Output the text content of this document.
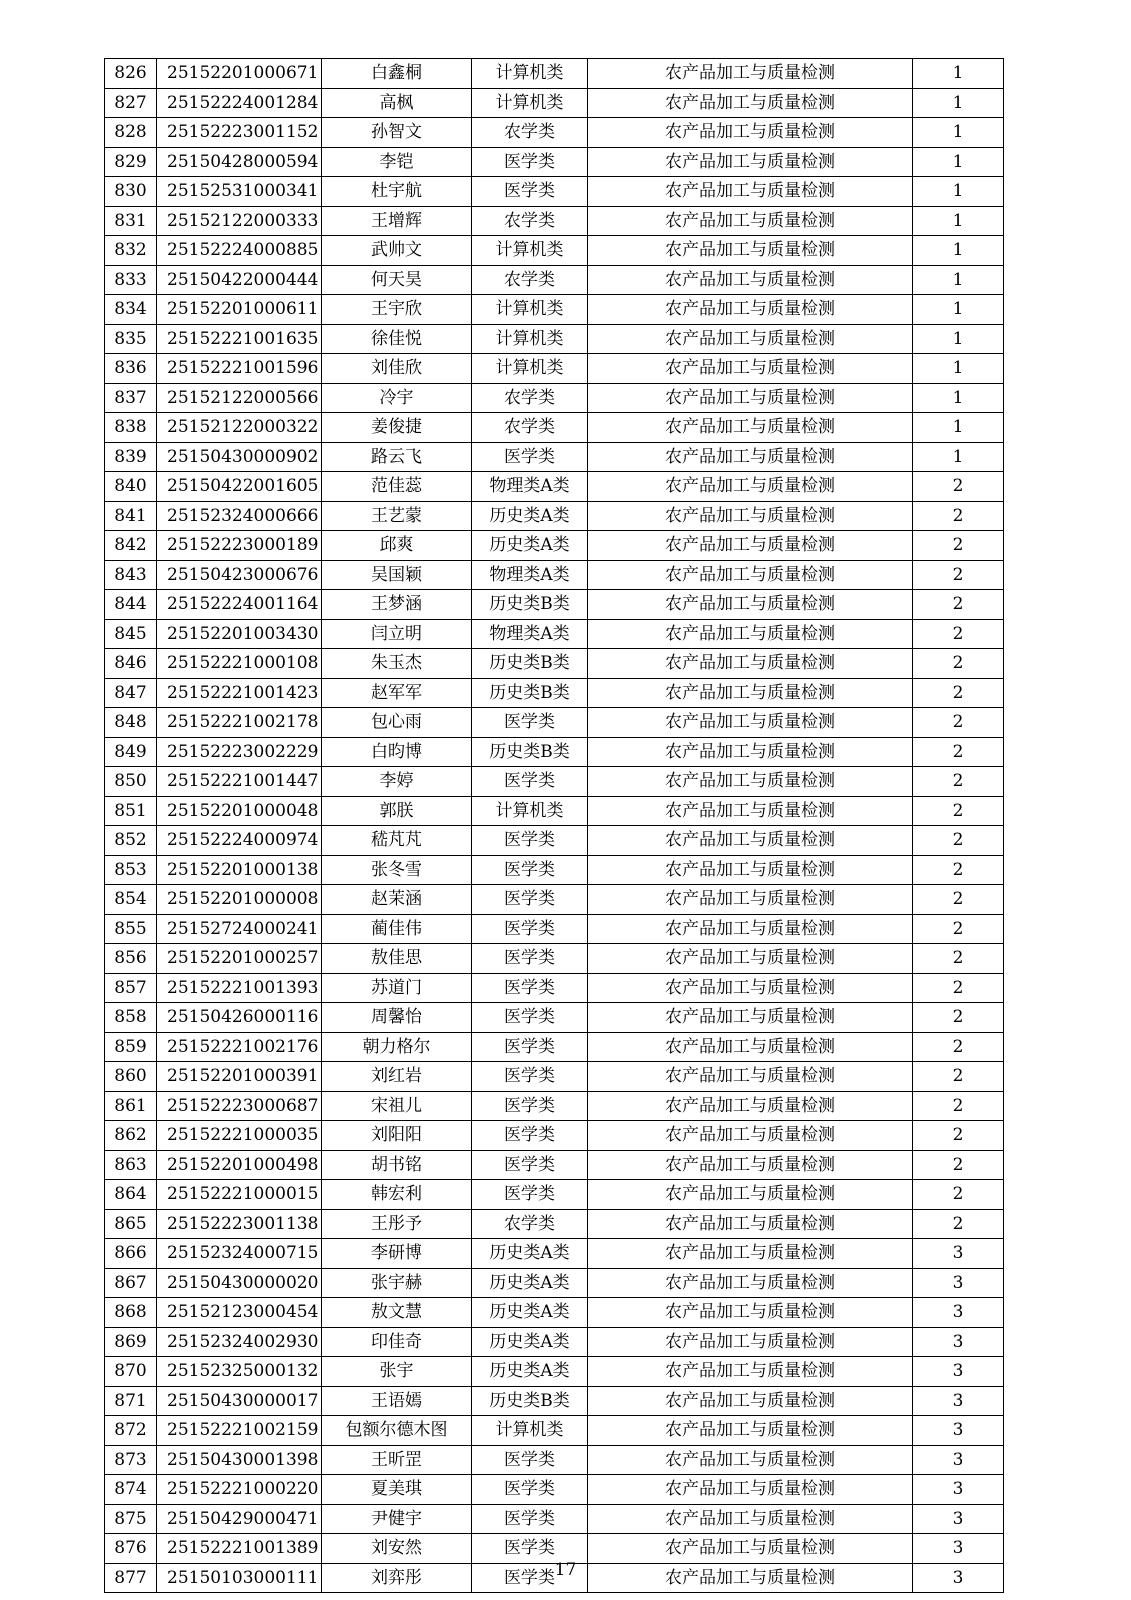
826	25152201000671	白鑫桐	计算机类	农产品加工与质量检测	1
827	25152224001284	高枫	计算机类	农产品加工与质量检测	1
828	25152223001152	孙智文	农学类	农产品加工与质量检测	1
829	25150428000594	李铠	医学类	农产品加工与质量检测	1
830	25152531000341	杜宇航	医学类	农产品加工与质量检测	1
831	25152122000333	王增辉	农学类	农产品加工与质量检测	1
832	25152224000885	武帅文	计算机类	农产品加工与质量检测	1
833	25150422000444	何天昊	农学类	农产品加工与质量检测	1
834	25152201000611	王宇欣	计算机类	农产品加工与质量检测	1
835	25152221001635	徐佳悦	计算机类	农产品加工与质量检测	1
836	25152221001596	刘佳欣	计算机类	农产品加工与质量检测	1
837	25152122000566	冷宇	农学类	农产品加工与质量检测	1
838	25152122000322	姜俊捷	农学类	农产品加工与质量检测	1
839	25150430000902	路云飞	医学类	农产品加工与质量检测	1
840	25150422001605	范佳蕊	物理类A类	农产品加工与质量检测	2
841	25152324000666	王艺蒙	历史类A类	农产品加工与质量检测	2
842	25152223000189	邱爽	历史类A类	农产品加工与质量检测	2
843	25150423000676	吴国颖	物理类A类	农产品加工与质量检测	2
844	25152224001164	王梦涵	历史类B类	农产品加工与质量检测	2
845	25152201003430	闫立明	物理类A类	农产品加工与质量检测	2
846	25152221000108	朱玉杰	历史类B类	农产品加工与质量检测	2
847	25152221001423	赵军军	历史类B类	农产品加工与质量检测	2
848	25152221002178	包心雨	医学类	农产品加工与质量检测	2
849	25152223002229	白昀博	历史类B类	农产品加工与质量检测	2
850	25152221001447	李婷	医学类	农产品加工与质量检测	2
851	25152201000048	郭朕	计算机类	农产品加工与质量检测	2
852	25152224000974	嵇芃芃	医学类	农产品加工与质量检测	2
853	25152201000138	张冬雪	医学类	农产品加工与质量检测	2
854	25152201000008	赵茉涵	医学类	农产品加工与质量检测	2
855	25152724000241	蔺佳伟	医学类	农产品加工与质量检测	2
856	25152201000257	敖佳思	医学类	农产品加工与质量检测	2
857	25152221001393	苏道门	医学类	农产品加工与质量检测	2
858	25150426000116	周馨怡	医学类	农产品加工与质量检测	2
859	25152221002176	朝力格尔	医学类	农产品加工与质量检测	2
860	25152201000391	刘红岩	医学类	农产品加工与质量检测	2
861	25152223000687	宋祖儿	医学类	农产品加工与质量检测	2
862	25152221000035	刘阳阳	医学类	农产品加工与质量检测	2
863	25152201000498	胡书铭	医学类	农产品加工与质量检测	2
864	25152221000015	韩宏利	医学类	农产品加工与质量检测	2
865	25152223001138	王彤予	农学类	农产品加工与质量检测	2
866	25152324000715	李研博	历史类A类	农产品加工与质量检测	3
867	25150430000020	张宇赫	历史类A类	农产品加工与质量检测	3
868	25152123000454	敖文慧	历史类A类	农产品加工与质量检测	3
869	25152324002930	印佳奇	历史类A类	农产品加工与质量检测	3
870	25152325000132	张宇	历史类A类	农产品加工与质量检测	3
871	25150430000017	王语嫣	历史类B类	农产品加工与质量检测	3
872	25152221002159	包额尔德木图	计算机类	农产品加工与质量检测	3
873	25150430001398	王昕罡	医学类	农产品加工与质量检测	3
874	25152221000220	夏美琪	医学类	农产品加工与质量检测	3
875	25150429000471	尹健宇	医学类	农产品加工与质量检测	3
876	25152221001389	刘安然	医学类	农产品加工与质量检测	3
877	25150103000111	刘弈彤	医学类	农产品加工与质量检测	3
17
